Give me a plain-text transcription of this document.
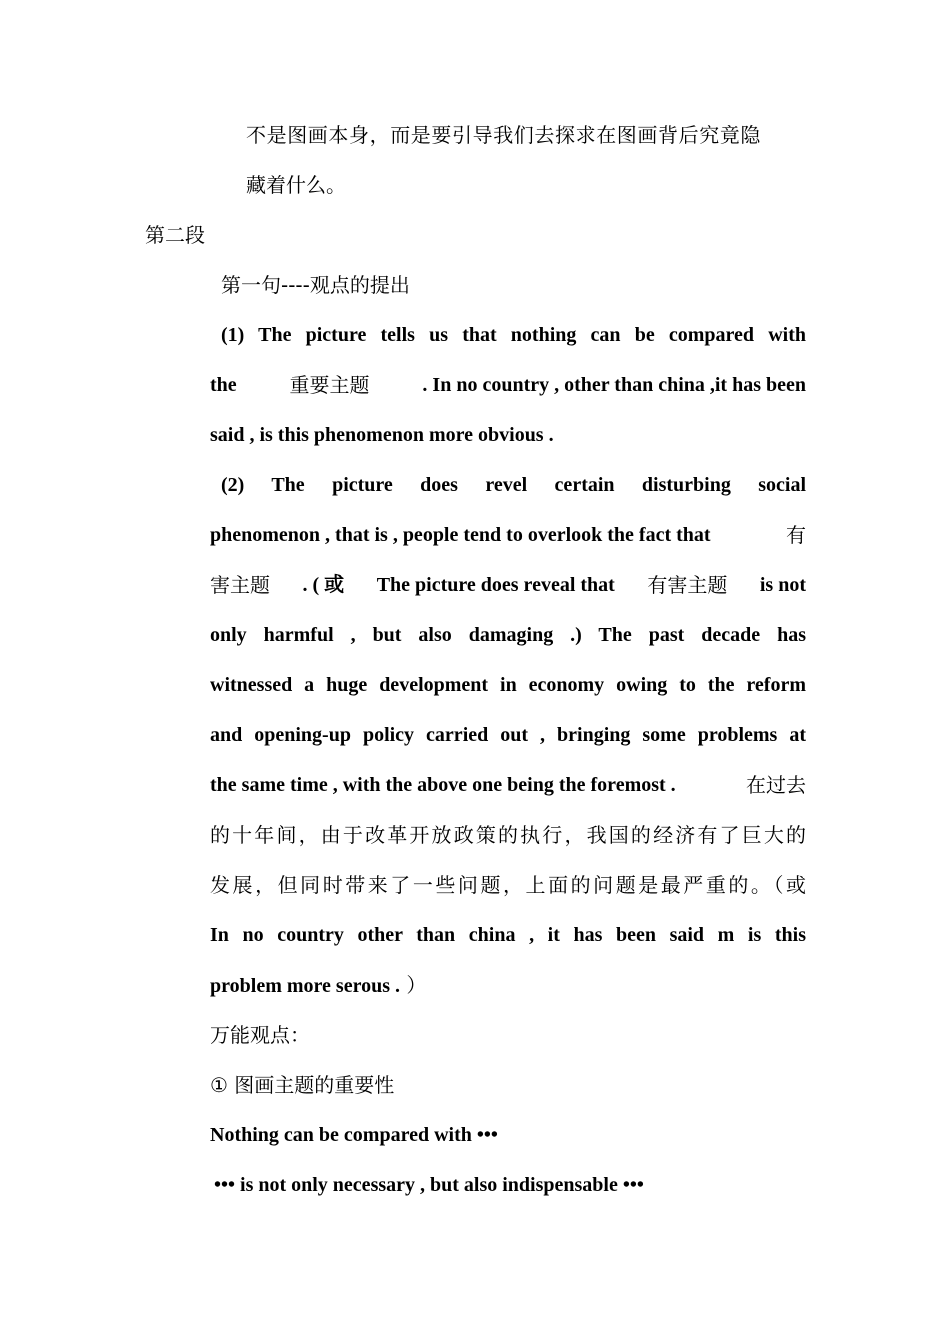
不是图画本身，而是要引导我们去探求在图画背后究竟隐
藏着什么。
第二段
第一句----观点的提出
(1) The picture tells us that nothing can be compared with
the	重要主题	. In no country , other than china ,it has been
said , is this phenomenon more obvious .
(2) The picture does revel certain disturbing social
phenomenon , that is , people tend to overlook the fact that	有
害主题 . ( 或 The picture does reveal that 有害主题 is not
only harmful , but also damaging .) The past decade has
witnessed a huge development in economy owing to the reform
and opening-up policy carried out , bringing some problems at
the same time , with the above one being the foremost .	在过去
的十年间，由于改革开放政策的执行，我国的经济有了巨大的
发展，但同时带来了一些问题，上面的问题是最严重的。（或
In no country other than china , it has been said m is this
problem more serous . ）
万能观点：
① 图画主题的重要性
Nothing can be compared with •••
••• is not only necessary , but also indispensable •••
